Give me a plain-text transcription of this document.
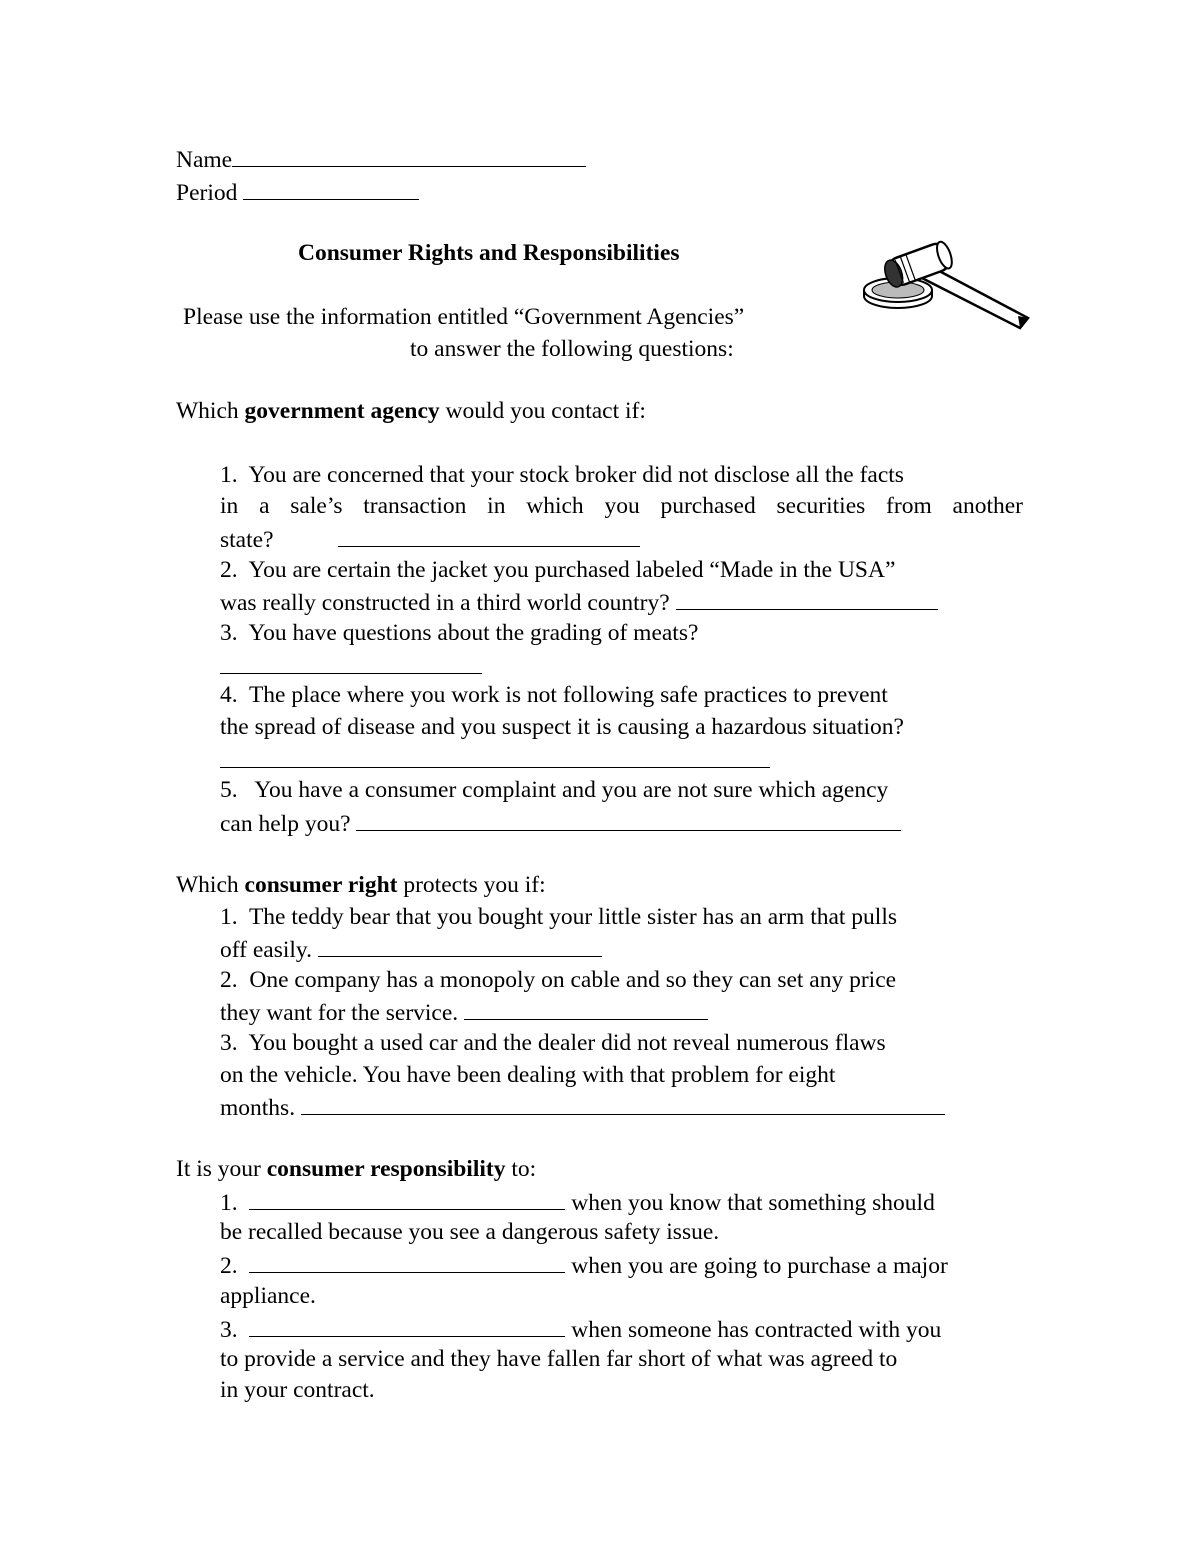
Name
Period
Consumer Rights and Responsibilities
Please use the information entitled “Government Agencies”
to answer the following questions:
Which government agency would you contact if:
1.  You are concerned that your stock broker did not disclose all the facts
in a sale’s transaction in which you purchased securities from another
state?
2.  You are certain the jacket you purchased labeled “Made in the USA”
was really constructed in a third world country?
3.  You have questions about the grading of meats?
4.  The place where you work is not following safe practices to prevent
the spread of disease and you suspect it is causing a hazardous situation?
5.   You have a consumer complaint and you are not sure which agency
can help you?
Which consumer right protects you if:
1.  The teddy bear that you bought your little sister has an arm that pulls
off easily.
2.  One company has a monopoly on cable and so they can set any price
they want for the service.
3.  You bought a used car and the dealer did not reveal numerous flaws
on the vehicle. You have been dealing with that problem for eight
months.
It is your consumer responsibility to:
1.	when you know that something should
be recalled because you see a dangerous safety issue.
2.	when you are going to purchase a major
appliance.
3.	when someone has contracted with you
to provide a service and they have fallen far short of what was agreed to
in your contract.
